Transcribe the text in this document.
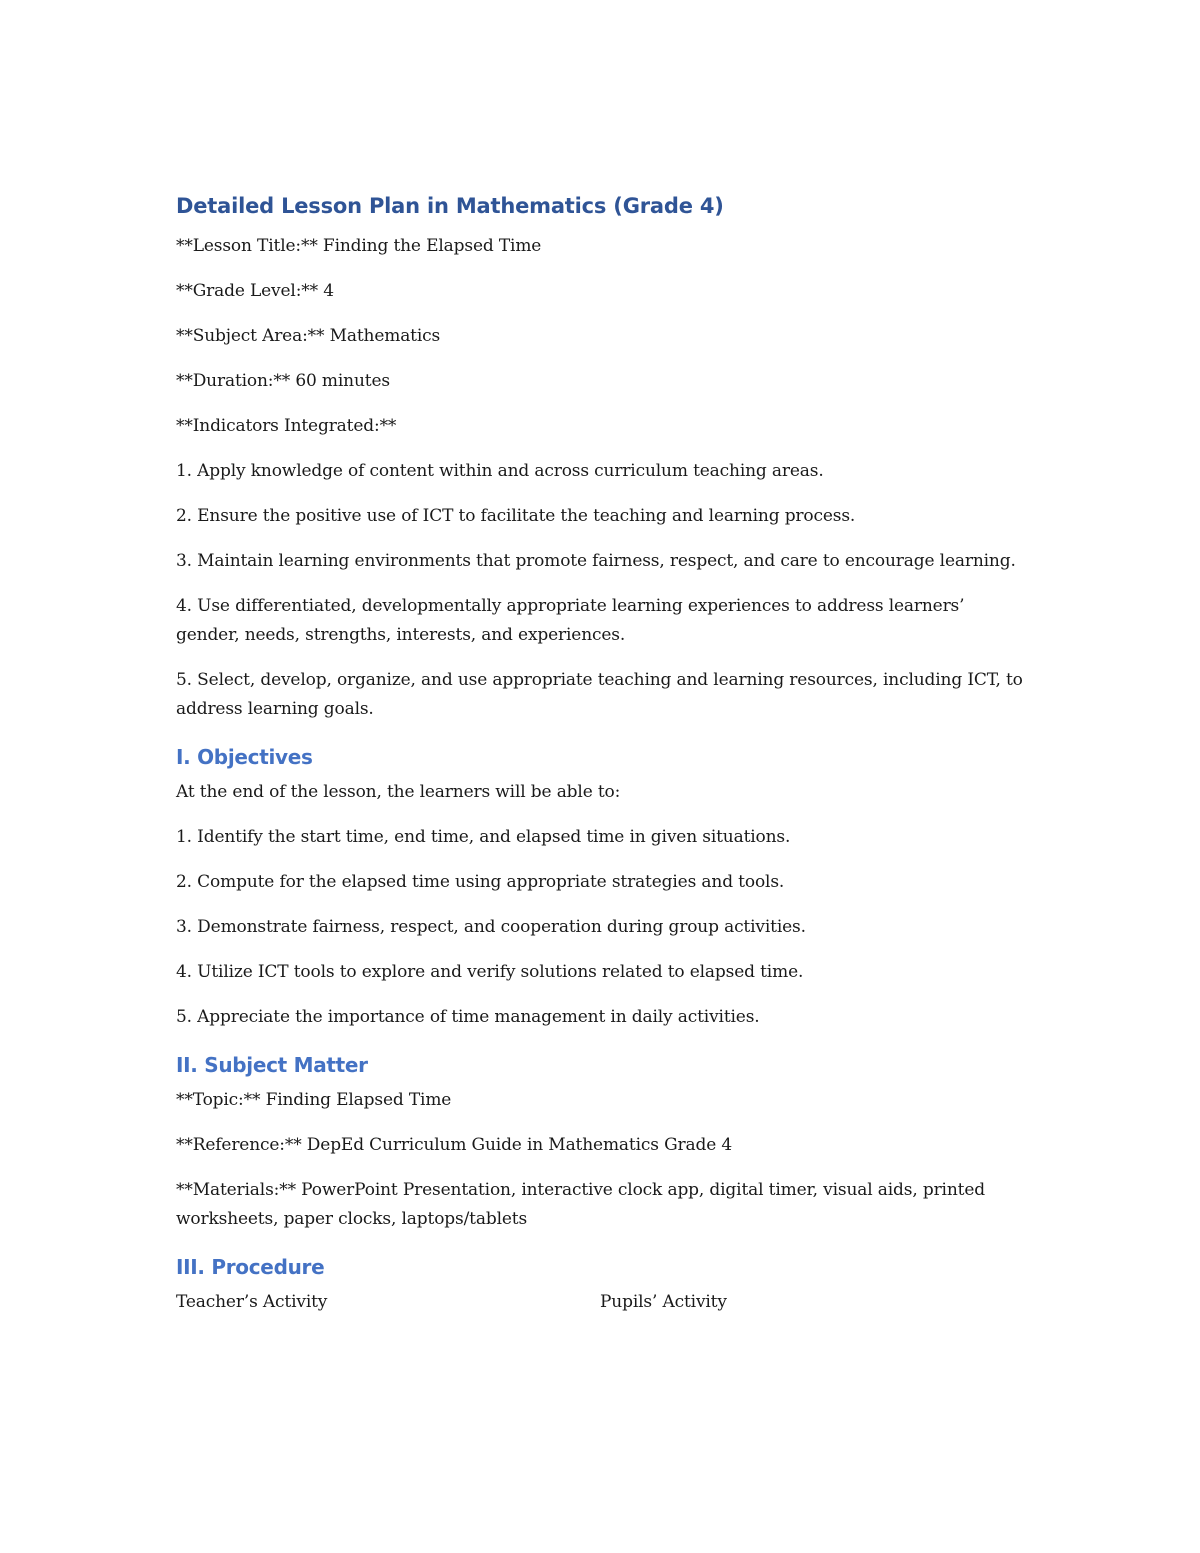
Detailed Lesson Plan in Mathematics (Grade 4)

**Lesson Title:** Finding the Elapsed Time

**Grade Level:** 4

**Subject Area:** Mathematics

**Duration:** 60 minutes

**Indicators Integrated:**

1. Apply knowledge of content within and across curriculum teaching areas.

2. Ensure the positive use of ICT to facilitate the teaching and learning process.

3. Maintain learning environments that promote fairness, respect, and care to encourage learning.

4. Use differentiated, developmentally appropriate learning experiences to address learners’ gender, needs, strengths, interests, and experiences.

5. Select, develop, organize, and use appropriate teaching and learning resources, including ICT, to address learning goals.

I. Objectives

At the end of the lesson, the learners will be able to:

1. Identify the start time, end time, and elapsed time in given situations.

2. Compute for the elapsed time using appropriate strategies and tools.

3. Demonstrate fairness, respect, and cooperation during group activities.

4. Utilize ICT tools to explore and verify solutions related to elapsed time.

5. Appreciate the importance of time management in daily activities.

II. Subject Matter

**Topic:** Finding Elapsed Time

**Reference:** DepEd Curriculum Guide in Mathematics Grade 4

**Materials:** PowerPoint Presentation, interactive clock app, digital timer, visual aids, printed worksheets, paper clocks, laptops/tablets

III. Procedure
Teacher’s Activity	Pupils’ Activity
